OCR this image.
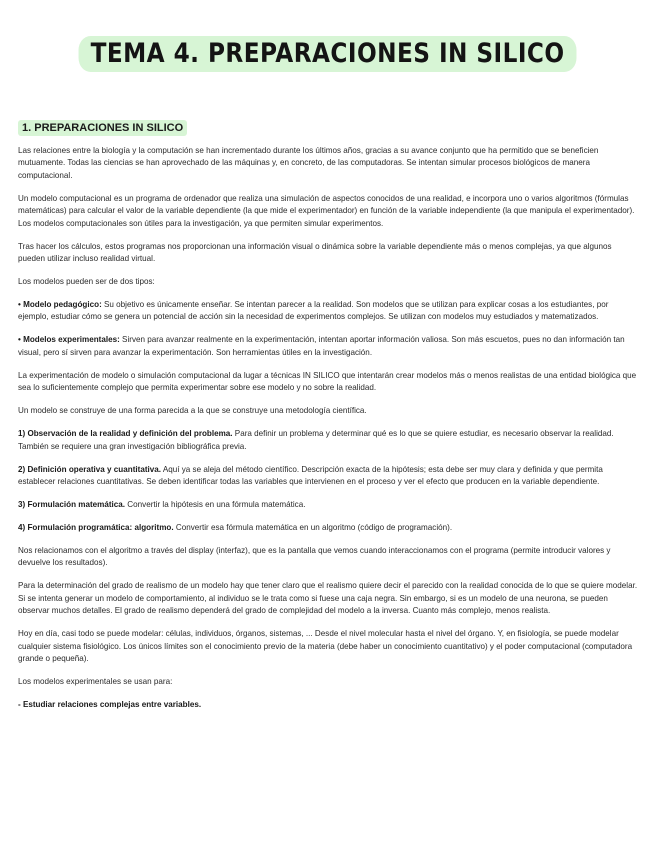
TEMA 4. PREPARACIONES IN SILICO
1. PREPARACIONES IN SILICO

Las relaciones entre la biología y la computación se han incrementado durante los últimos años, gracias a su avance conjunto que ha permitido que se beneficien mutuamente. Todas las ciencias se han aprovechado de las máquinas y, en concreto, de las computadoras. Se intentan simular procesos biológicos de manera computacional.

Un modelo computacional es un programa de ordenador que realiza una simulación de aspectos conocidos de una realidad, e incorpora uno o varios algoritmos (fórmulas matemáticas) para calcular el valor de la variable dependiente (la que mide el experimentador) en función de la variable independiente (la que manipula el experimentador). Los modelos computacionales son útiles para la investigación, ya que permiten simular experimentos.

Tras hacer los cálculos, estos programas nos proporcionan una información visual o dinámica sobre la variable dependiente más o menos complejas, ya que algunos pueden utilizar incluso realidad virtual.

Los modelos pueden ser de dos tipos:

• Modelo pedagógico: Su objetivo es únicamente enseñar. Se intentan parecer a la realidad. Son modelos que se utilizan para explicar cosas a los estudiantes, por ejemplo, estudiar cómo se genera un potencial de acción sin la necesidad de experimentos complejos. Se utilizan con modelos muy estudiados y matematizados.

• Modelos experimentales: Sirven para avanzar realmente en la experimentación, intentan aportar información valiosa. Son más escuetos, pues no dan información tan visual, pero sí sirven para avanzar la experimentación. Son herramientas útiles en la investigación.

La experimentación de modelo o simulación computacional da lugar a técnicas IN SILICO que intentarán crear modelos más o menos realistas de una entidad biológica que sea lo suficientemente complejo que permita experimentar sobre ese modelo y no sobre la realidad.

Un modelo se construye de una forma parecida a la que se construye una metodología científica.

1) Observación de la realidad y definición del problema. Para definir un problema y determinar qué es lo que se quiere estudiar, es necesario observar la realidad. También se requiere una gran investigación bibliográfica previa.

2) Definición operativa y cuantitativa. Aquí ya se aleja del método científico. Descripción exacta de la hipótesis; esta debe ser muy clara y definida y que permita establecer relaciones cuantitativas. Se deben identificar todas las variables que intervienen en el proceso y ver el efecto que producen en la variable dependiente.

3) Formulación matemática. Convertir la hipótesis en una fórmula matemática.

4) Formulación programática: algoritmo. Convertir esa fórmula matemática en un algoritmo (código de programación).

Nos relacionamos con el algoritmo a través del display (interfaz), que es la pantalla que vemos cuando interaccionamos con el programa (permite introducir valores y devuelve los resultados).

Para la determinación del grado de realismo de un modelo hay que tener claro que el realismo quiere decir el parecido con la realidad conocida de lo que se quiere modelar. Si se intenta generar un modelo de comportamiento, al individuo se le trata como si fuese una caja negra. Sin embargo, si es un modelo de una neurona, se pueden observar muchos detalles. El grado de realismo dependerá del grado de complejidad del modelo a la inversa. Cuanto más complejo, menos realista.

Hoy en día, casi todo se puede modelar: células, individuos, órganos, sistemas, ... Desde el nivel molecular hasta el nivel del órgano. Y, en fisiología, se puede modelar cualquier sistema fisiológico. Los únicos límites son el conocimiento previo de la materia (debe haber un conocimiento cuantitativo) y el poder computacional (computadora grande o pequeña).

Los modelos experimentales se usan para:

- Estudiar relaciones complejas entre variables.
